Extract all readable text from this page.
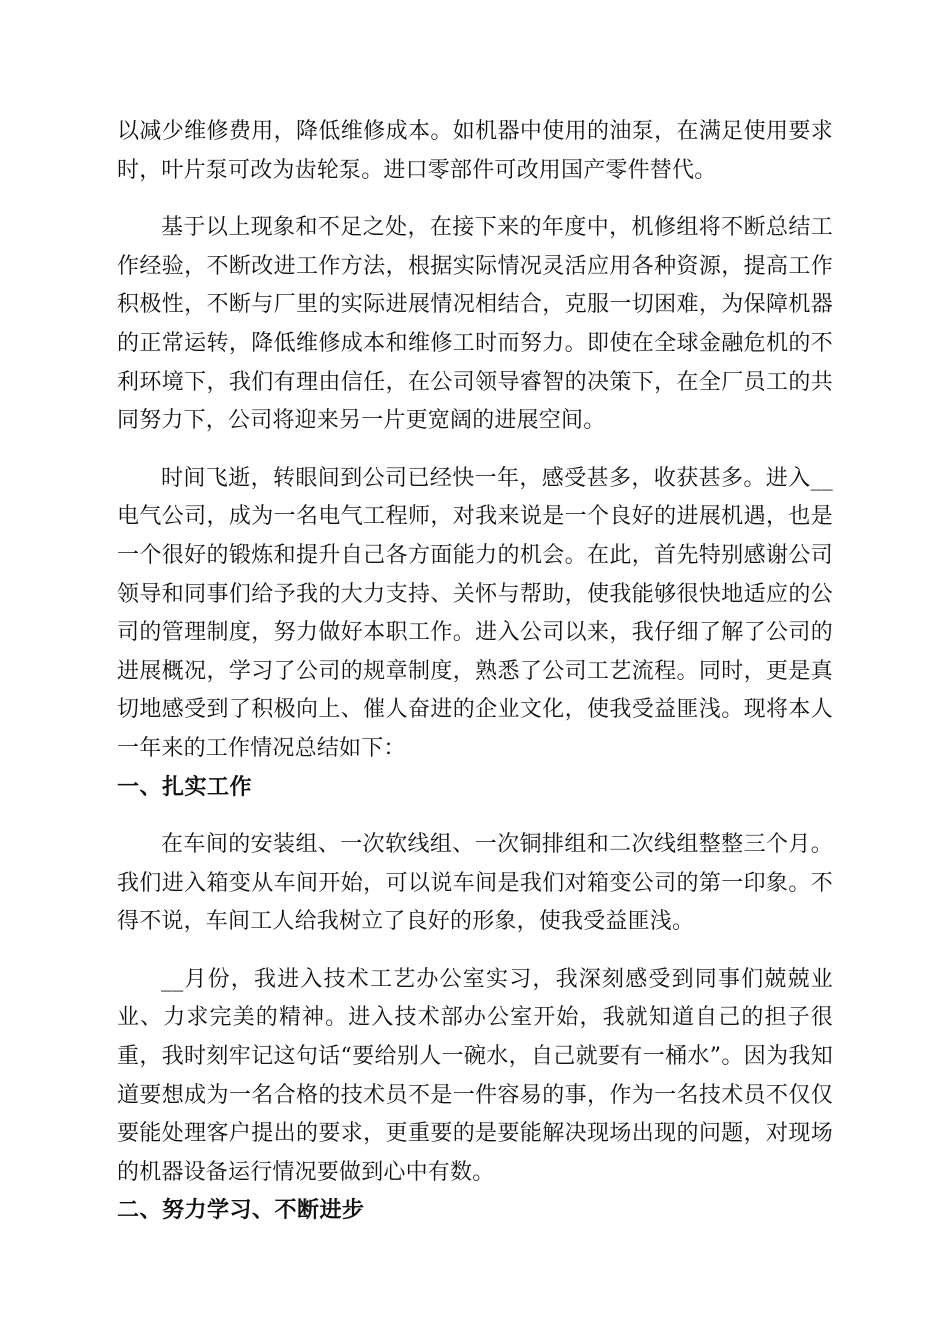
以减少维修费用，降低维修成本。如机器中使用的油泵，在满足使用要求时，叶片泵可改为齿轮泵。进口零部件可改用国产零件替代。

基于以上现象和不足之处，在接下来的年度中，机修组将不断总结工作经验，不断改进工作方法，根据实际情况灵活应用各种资源，提高工作积极性，不断与厂里的实际进展情况相结合，克服一切困难，为保障机器的正常运转，降低维修成本和维修工时而努力。即使在全球金融危机的不利环境下，我们有理由信任，在公司领导睿智的决策下，在全厂员工的共同努力下，公司将迎来另一片更宽阔的进展空间。

时间飞逝，转眼间到公司已经快一年，感受甚多，收获甚多。进入__电气公司，成为一名电气工程师，对我来说是一个良好的进展机遇，也是一个很好的锻炼和提升自己各方面能力的机会。在此，首先特别感谢公司领导和同事们给予我的大力支持、关怀与帮助，使我能够很快地适应的公司的管理制度，努力做好本职工作。进入公司以来，我仔细了解了公司的进展概况，学习了公司的规章制度，熟悉了公司工艺流程。同时，更是真切地感受到了积极向上、催人奋进的企业文化，使我受益匪浅。现将本人一年来的工作情况总结如下：

一、扎实工作

在车间的安装组、一次软线组、一次铜排组和二次线组整整三个月。我们进入箱变从车间开始，可以说车间是我们对箱变公司的第一印象。不得不说，车间工人给我树立了良好的形象，使我受益匪浅。

__月份，我进入技术工艺办公室实习，我深刻感受到同事们兢兢业业、力求完美的精神。进入技术部办公室开始，我就知道自己的担子很重，我时刻牢记这句话“要给别人一碗水，自己就要有一桶水”。因为我知道要想成为一名合格的技术员不是一件容易的事，作为一名技术员不仅仅要能处理客户提出的要求，更重要的是要能解决现场出现的问题，对现场的机器设备运行情况要做到心中有数。

二、努力学习、不断进步
